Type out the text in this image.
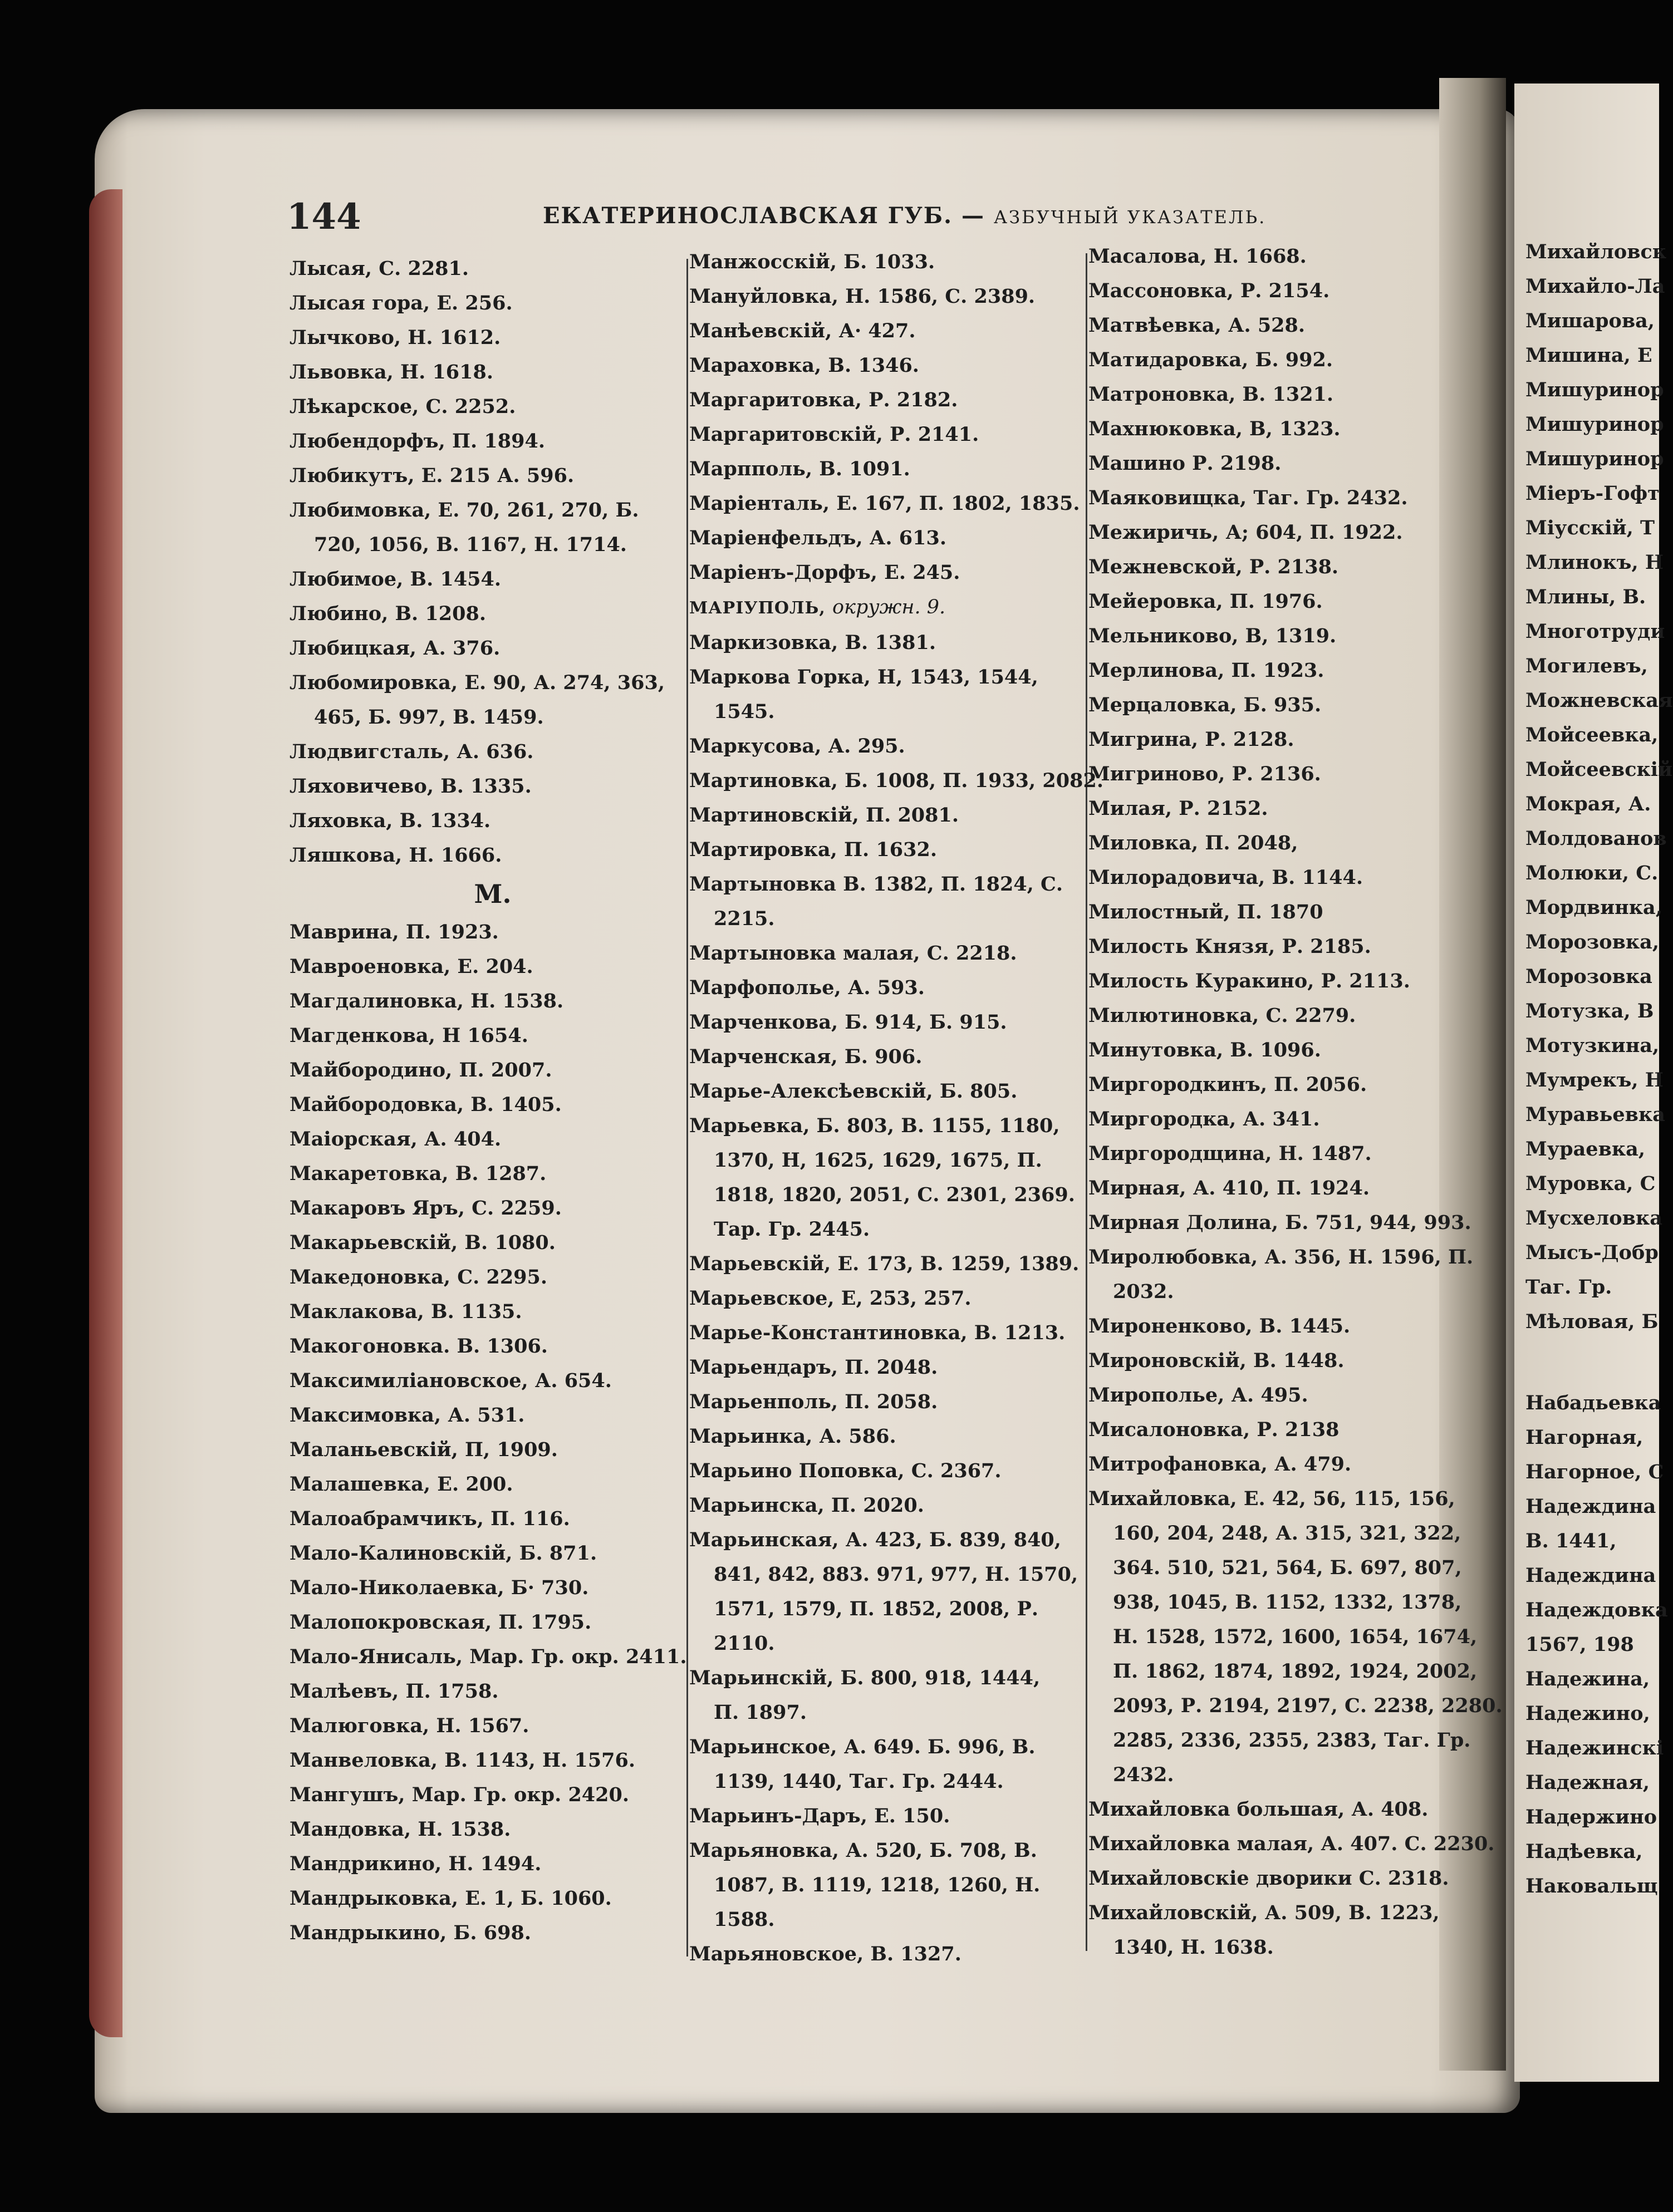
144	ЕКАТЕРИНОСЛАВСКАЯ ГУБ. — АЗБУЧНЫЙ УКАЗАТЕЛЬ.
Лысая, С. 2281.
Лысая гора, Е. 256.
Лычково, Н. 1612.
Львовка, Н. 1618.
Лѣкарское, С. 2252.
Любендорфъ, П. 1894.
Любикутъ, Е. 215 А. 596.
Любимовка, Е. 70, 261, 270, Б.
720, 1056, В. 1167, Н. 1714.
Любимое, В. 1454.
Любино, В. 1208.
Любицкая, А. 376.
Любомировка, Е. 90, А. 274, 363,
465, Б. 997, В. 1459.
Людвигсталь, А. 636.
Ляховичево, В. 1335.
Ляховка, В. 1334.
Ляшкова, Н. 1666.
М.
Маврина, П. 1923.
Мавроеновка, Е. 204.
Магдалиновка, Н. 1538.
Магденкова, Н 1654.
Майбородино, П. 2007.
Майбородовка, В. 1405.
Маіорская, А. 404.
Макаретовка, В. 1287.
Макаровъ Яръ, С. 2259.
Макарьевскій, В. 1080.
Македоновка, С. 2295.
Маклакова, В. 1135.
Макогоновка. В. 1306.
Максимиліановское, А. 654.
Максимовка, А. 531.
Маланьевскій, П, 1909.
Малашевка, Е. 200.
Малоабрамчикъ, П. 116.
Мало-Калиновскій, Б. 871.
Мало-Николаевка, Б· 730.
Малопокровская, П. 1795.
Мало-Янисаль, Мар. Гр. окр. 2411.
Малѣевъ, П. 1758.
Малюговка, Н. 1567.
Манвеловка, В. 1143, Н. 1576.
Мангушъ, Мар. Гр. окр. 2420.
Мандовка, Н. 1538.
Мандрикино, Н. 1494.
Мандрыковка, Е. 1, Б. 1060.
Мандрыкино, Б. 698.
Манжосскій, Б. 1033.
Мануйловка, Н. 1586, С. 2389.
Манѣевскій, А· 427.
Мараховка, В. 1346.
Маргаритовка, Р. 2182.
Маргаритовскій, Р. 2141.
Марпполь, В. 1091.
Маріенталь, Е. 167, П. 1802, 1835.
Маріенфельдъ, А. 613.
Маріенъ-Дорфъ, Е. 245.
МАРІУПОЛЬ, окружн. 9.
Маркизовка, В. 1381.
Маркова Горка, Н, 1543, 1544,
1545.
Маркусова, А. 295.
Мартиновка, Б. 1008, П. 1933, 2082.
Мартиновскій, П. 2081.
Мартировка, П. 1632.
Мартыновка В. 1382, П. 1824, С.
2215.
Мартыновка малая, С. 2218.
Марфополье, А. 593.
Марченкова, Б. 914, Б. 915.
Марченская, Б. 906.
Марье-Алексѣевскій, Б. 805.
Марьевка, Б. 803, В. 1155, 1180,
1370, Н, 1625, 1629, 1675, П.
1818, 1820, 2051, С. 2301, 2369.
Тар. Гр. 2445.
Марьевскій, Е. 173, В. 1259, 1389.
Марьевское, Е, 253, 257.
Марье-Константиновка, В. 1213.
Марьендаръ, П. 2048.
Марьенполь, П. 2058.
Марьинка, А. 586.
Марьино Поповка, С. 2367.
Марьинска, П. 2020.
Марьинская, А. 423, Б. 839, 840,
841, 842, 883. 971, 977, Н. 1570,
1571, 1579, П. 1852, 2008, Р.
2110.
Марьинскій, Б. 800, 918, 1444,
П. 1897.
Марьинское, А. 649. Б. 996, В.
1139, 1440, Таг. Гр. 2444.
Марьинъ-Даръ, Е. 150.
Марьяновка, А. 520, Б. 708, В.
1087, В. 1119, 1218, 1260, Н.
1588.
Марьяновское, В. 1327.
Масалова, Н. 1668.
Массоновка, Р. 2154.
Матвѣевка, А. 528.
Матидаровка, Б. 992.
Матроновка, В. 1321.
Махнюковка, В, 1323.
Машино Р. 2198.
Маяковищка, Таг. Гр. 2432.
Межиричь, А; 604, П. 1922.
Межневской, Р. 2138.
Мейеровка, П. 1976.
Мельниково, В, 1319.
Мерлинова, П. 1923.
Мерцаловка, Б. 935.
Мигрина, Р. 2128.
Мигриново, Р. 2136.
Милая, Р. 2152.
Миловка, П. 2048,
Милорадовича, В. 1144.
Милостный, П. 1870
Милость Князя, Р. 2185.
Милость Куракино, Р. 2113.
Милютиновка, С. 2279.
Минутовка, В. 1096.
Миргородкинъ, П. 2056.
Миргородка, А. 341.
Миргородщина, Н. 1487.
Мирная, А. 410, П. 1924.
Мирная Долина, Б. 751, 944, 993.
Миролюбовка, А. 356, Н. 1596, П.
2032.
Мироненково, В. 1445.
Мироновскій, В. 1448.
Мирополье, А. 495.
Мисалоновка, Р. 2138
Митрофановка, А. 479.
Михайловка, Е. 42, 56, 115, 156,
160, 204, 248, А. 315, 321, 322,
364. 510, 521, 564, Б. 697, 807,
938, 1045, В. 1152, 1332, 1378,
Н. 1528, 1572, 1600, 1654, 1674,
П. 1862, 1874, 1892, 1924, 2002,
2093, Р. 2194, 2197, С. 2238, 2280.
2285, 2336, 2355, 2383, Таг. Гр.
2432.
Михайловка большая, А. 408.
Михайловка малая, А. 407. С. 2230.
Михайловскіе дворики С. 2318.
Михайловскій, А. 509, В. 1223,
1340, Н. 1638.
Михайловск
Михайло-Ла
Мишарова,
Мишина, Е
Мишуринор
Мишуринор
Мишуринор
Міеръ-Гофт
Міусскій, Т
Млинокъ, Н
Млины, В.
Многотруди
Могилевъ,
Можневская
Мойсеевка,
Мойсеевскій
Мокрая, А.
Молдованов
Молюки, С.
Мордвинка,
Морозовка,
Морозовка
Мотузка, В
Мотузкина,
Мумрекъ, Н
Муравьевка
Мураевка,
Муровка, С
Мусхеловка
Мысъ-Добр
Таг. Гр.
Мѣловая, Б
Набадьевка
Нагорная,
Нагорное, С
Надеждина
В. 1441,
Надеждина
Надеждовка
1567, 198
Надежина,
Надежино,
Надежинскі
Надежная,
Надержино
Надѣевка,
Наковальщ
